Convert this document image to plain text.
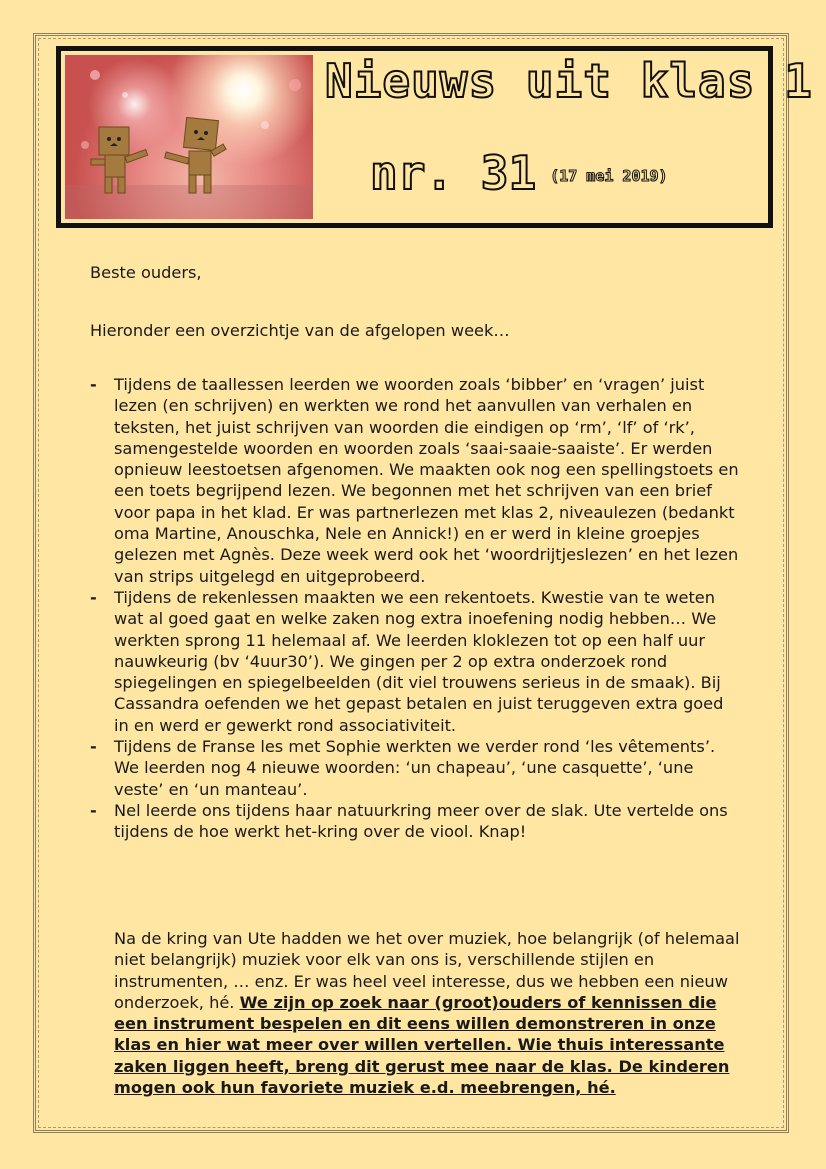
Nieuws uit klas 1
nr. 31 (17 mei 2019)

Beste ouders,

Hieronder een overzichtje van de afgelopen week…

- Tijdens de taallessen leerden we woorden zoals ‘bibber’ en ‘vragen’ juist lezen (en schrijven) en werkten we rond het aanvullen van verhalen en teksten, het juist schrijven van woorden die eindigen op ‘rm’, ‘lf’ of ‘rk’, samengestelde woorden en woorden zoals ‘saai-saaie-saaiste’. Er werden opnieuw leestoetsen afgenomen. We maakten ook nog een spellingstoets en een toets begrijpend lezen. We begonnen met het schrijven van een brief voor papa in het klad. Er was partnerlezen met klas 2, niveaulezen (bedankt oma Martine, Anouschka, Nele en Annick!) en er werd in kleine groepjes gelezen met Agnès. Deze week werd ook het ‘woordrijtjeslezen’ en het lezen van strips uitgelegd en uitgeprobeerd.
- Tijdens de rekenlessen maakten we een rekentoets. Kwestie van te weten wat al goed gaat en welke zaken nog extra inoefening nodig hebben… We werkten sprong 11 helemaal af. We leerden kloklezen tot op een half uur nauwkeurig (bv ‘4uur30’). We gingen per 2 op extra onderzoek rond spiegelingen en spiegelbeelden (dit viel trouwens serieus in de smaak). Bij Cassandra oefenden we het gepast betalen en juist teruggeven extra goed in en werd er gewerkt rond associativiteit.
- Tijdens de Franse les met Sophie werkten we verder rond ‘les vêtements’. We leerden nog 4 nieuwe woorden: ‘un chapeau’, ‘une casquette’, ‘une veste’ en ‘un manteau’.
- Nel leerde ons tijdens haar natuurkring meer over de slak. Ute vertelde ons tijdens de hoe werkt het-kring over de viool. Knap!

Na de kring van Ute hadden we het over muziek, hoe belangrijk (of helemaal niet belangrijk) muziek voor elk van ons is, verschillende stijlen en instrumenten, … enz. Er was heel veel interesse, dus we hebben een nieuw onderzoek, hé. We zijn op zoek naar (groot)ouders of kennissen die een instrument bespelen en dit eens willen demonstreren in onze klas en hier wat meer over willen vertellen. Wie thuis interessante zaken liggen heeft, breng dit gerust mee naar de klas. De kinderen mogen ook hun favoriete muziek e.d. meebrengen, hé.
